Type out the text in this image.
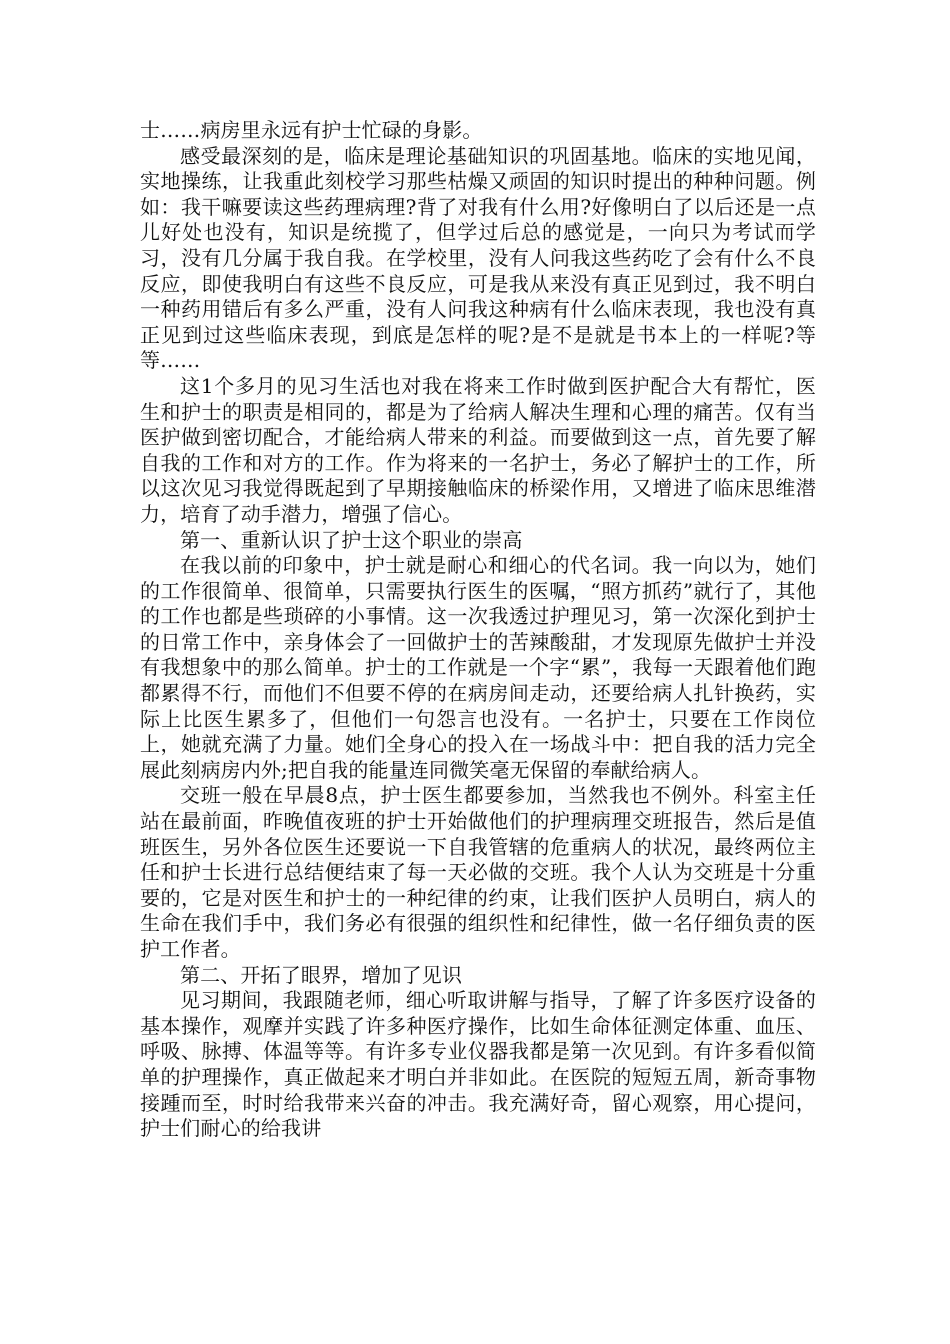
士……病房里永远有护士忙碌的身影。

感受最深刻的是，临床是理论基础知识的巩固基地。临床的实地见闻，实地操练，让我重此刻校学习那些枯燥又顽固的知识时提出的种种问题。例如：我干嘛要读这些药理病理?背了对我有什么用?好像明白了以后还是一点儿好处也没有，知识是统揽了，但学过后总的感觉是，一向只为考试而学习，没有几分属于我自我。在学校里，没有人问我这些药吃了会有什么不良反应，即使我明白有这些不良反应，可是我从来没有真正见到过，我不明白一种药用错后有多么严重，没有人问我这种病有什么临床表现，我也没有真正见到过这些临床表现，到底是怎样的呢?是不是就是书本上的一样呢?等等……

这1个多月的见习生活也对我在将来工作时做到医护配合大有帮忙，医生和护士的职责是相同的，都是为了给病人解决生理和心理的痛苦。仅有当医护做到密切配合，才能给病人带来的利益。而要做到这一点，首先要了解自我的工作和对方的工作。作为将来的一名护士，务必了解护士的工作，所以这次见习我觉得既起到了早期接触临床的桥梁作用，又增进了临床思维潜力，培育了动手潜力，增强了信心。

第一、重新认识了护士这个职业的崇高

在我以前的印象中，护士就是耐心和细心的代名词。我一向以为，她们的工作很简单、很简单，只需要执行医生的医嘱，“照方抓药”就行了，其他的工作也都是些琐碎的小事情。这一次我透过护理见习，第一次深化到护士的日常工作中，亲身体会了一回做护士的苦辣酸甜，才发现原先做护士并没有我想象中的那么简单。护士的工作就是一个字“累”，我每一天跟着他们跑都累得不行，而他们不但要不停的在病房间走动，还要给病人扎针换药，实际上比医生累多了，但他们一句怨言也没有。一名护士，只要在工作岗位上，她就充满了力量。她们全身心的投入在一场战斗中：把自我的活力完全展此刻病房内外;把自我的能量连同微笑毫无保留的奉献给病人。

交班一般在早晨8点，护士医生都要参加，当然我也不例外。科室主任站在最前面，昨晚值夜班的护士开始做他们的护理病理交班报告，然后是值班医生，另外各位医生还要说一下自我管辖的危重病人的状况，最终两位主任和护士长进行总结便结束了每一天必做的交班。我个人认为交班是十分重要的，它是对医生和护士的一种纪律的约束，让我们医护人员明白，病人的生命在我们手中，我们务必有很强的组织性和纪律性，做一名仔细负责的医护工作者。

第二、开拓了眼界，增加了见识

见习期间，我跟随老师，细心听取讲解与指导，了解了许多医疗设备的基本操作，观摩并实践了许多种医疗操作，比如生命体征测定体重、血压、呼吸、脉搏、体温等等。有许多专业仪器我都是第一次见到。有许多看似简单的护理操作，真正做起来才明白并非如此。在医院的短短五周，新奇事物接踵而至，时时给我带来兴奋的冲击。我充满好奇，留心观察，用心提问，护士们耐心的给我讲
